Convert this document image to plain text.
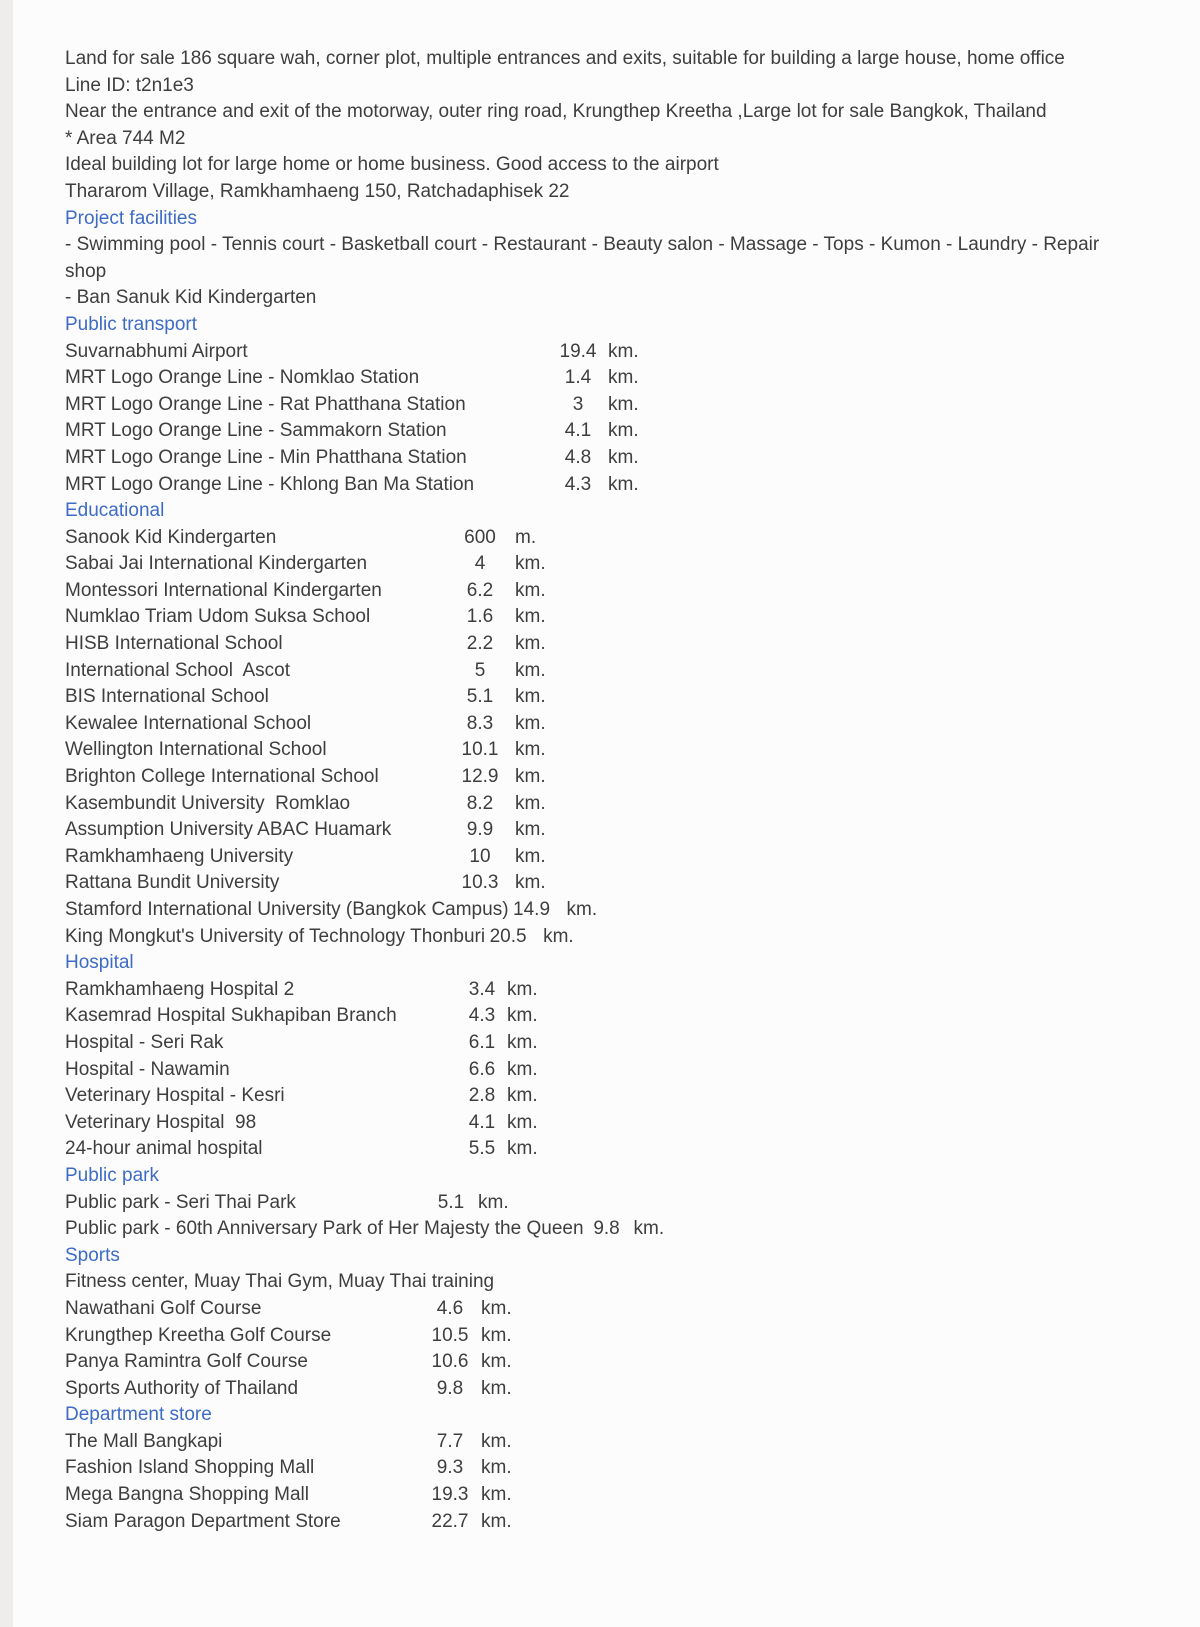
Land for sale 186 square wah, corner plot, multiple entrances and exits, suitable for building a large house, home office
Line ID: t2n1e3
Near the entrance and exit of the motorway, outer ring road, Krungthep Kreetha ,Large lot for sale Bangkok, Thailand
* Area 744 M2
Ideal building lot for large home or home business. Good access to the airport
Thararom Village, Ramkhamhaeng 150, Ratchadaphisek 22
Project facilities
- Swimming pool - Tennis court - Basketball court - Restaurant - Beauty salon - Massage - Tops - Kumon - Laundry - Repair
shop
- Ban Sanuk Kid Kindergarten
Public transport
Suvarnabhumi Airport	19.4 km.
MRT Logo Orange Line - Nomklao Station	1.4 km.
MRT Logo Orange Line - Rat Phatthana Station	3	km.
MRT Logo Orange Line - Sammakorn Station	4.1 km.
MRT Logo Orange Line - Min Phatthana Station	4.8 km.
MRT Logo Orange Line - Khlong Ban Ma Station	4.3 km.
Educational
Sanook Kid Kindergarten	600	m.
Sabai Jai International Kindergarten	4	km.
Montessori International Kindergarten	6.2	km.
Numklao Triam Udom Suksa School	1.6	km.
HISB International School	2.2	km.
International School  Ascot	5	km.
BIS International School	5.1	km.
Kewalee International School	8.3	km.
Wellington International School	10.1 km.
Brighton College International School	12.9 km.
Kasembundit University  Romklao	8.2	km.
Assumption University ABAC Huamark	9.9	km.
Ramkhamhaeng University	10	km.
Rattana Bundit University	10.3 km.
Stamford International University (Bangkok Campus) 14.9 km.
King Mongkut's University of Technology Thonburi 20.5 km.
Hospital
Ramkhamhaeng Hospital 2	3.4 km.
Kasemrad Hospital Sukhapiban Branch	4.3 km.
Hospital - Seri Rak	6.1 km.
Hospital - Nawamin	6.6 km.
Veterinary Hospital - Kesri	2.8 km.
Veterinary Hospital  98	4.1 km.
24-hour animal hospital	5.5 km.
Public park
Public park - Seri Thai Park	5.1 km.
Public park - 60th Anniversary Park of Her Majesty the Queen 9.8 km.
Sports
Fitness center, Muay Thai Gym, Muay Thai training
Nawathani Golf Course	4.6 km.
Krungthep Kreetha Golf Course	10.5 km.
Panya Ramintra Golf Course	10.6 km.
Sports Authority of Thailand	9.8 km.
Department store
The Mall Bangkapi	7.7 km.
Fashion Island Shopping Mall	9.3 km.
Mega Bangna Shopping Mall	19.3 km.
Siam Paragon Department Store	22.7 km.
